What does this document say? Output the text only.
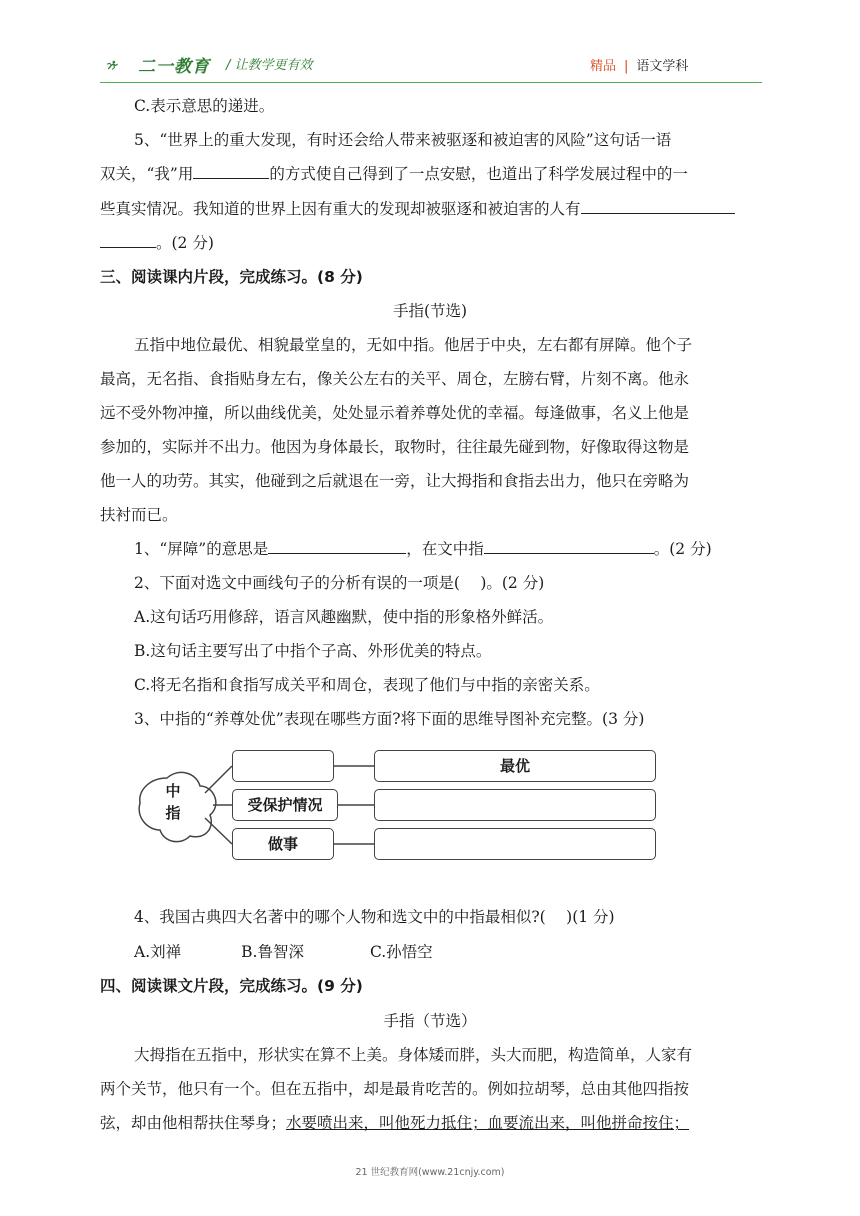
二一教育 / 让教学更有效	精品 | 语文学科
C.表示意思的递进。
5、“世界上的重大发现，有时还会给人带来被驱逐和被迫害的风险”这句话一语
双关，“我”用	的方式使自己得到了一点安慰，也道出了科学发展过程中的一
些真实情况。我知道的世界上因有重大的发现却被驱逐和被迫害的人有
。(2 分)
三、阅读课内片段，完成练习。(8 分)
手指(节选)
五指中地位最优、相貌最堂皇的，无如中指。他居于中央，左右都有屏障。他个子
最高，无名指、食指贴身左右，像关公左右的关平、周仓，左膀右臂，片刻不离。他永
远不受外物冲撞，所以曲线优美，处处显示着养尊处优的幸福。每逢做事，名义上他是
参加的，实际并不出力。他因为身体最长，取物时，往往最先碰到物，好像取得这物是
他一人的功劳。其实，他碰到之后就退在一旁，让大拇指和食指去出力，他只在旁略为
扶衬而已。
1、“屏障”的意思是	，在文中指	。(2 分)
2、下面对选文中画线句子的分析有误的一项是(　 )。(2 分)
A.这句话巧用修辞，语言风趣幽默，使中指的形象格外鲜活。
B.这句话主要写出了中指个子高、外形优美的特点。
C.将无名指和食指写成关平和周仓，表现了他们与中指的亲密关系。
3、中指的“养尊处优”表现在哪些方面?将下面的思维导图补充完整。(3 分)
中
指	受保护情况
做事
最优
4、我国古典四大名著中的哪个人物和选文中的中指最相似?(　 )(1 分)
A.刘禅	B.鲁智深	C.孙悟空
四、阅读课文片段，完成练习。(9 分)
手指（节选）
大拇指在五指中，形状实在算不上美。身体矮而胖，头大而肥，构造简单，人家有
两个关节，他只有一个。但在五指中，却是最肯吃苦的。例如拉胡琴，总由其他四指按
弦，却由他相帮扶住琴身；水要喷出来，叫他死力抵住；血要流出来，叫他拼命按住；
21 世纪教育网(www.21cnjy.com)
